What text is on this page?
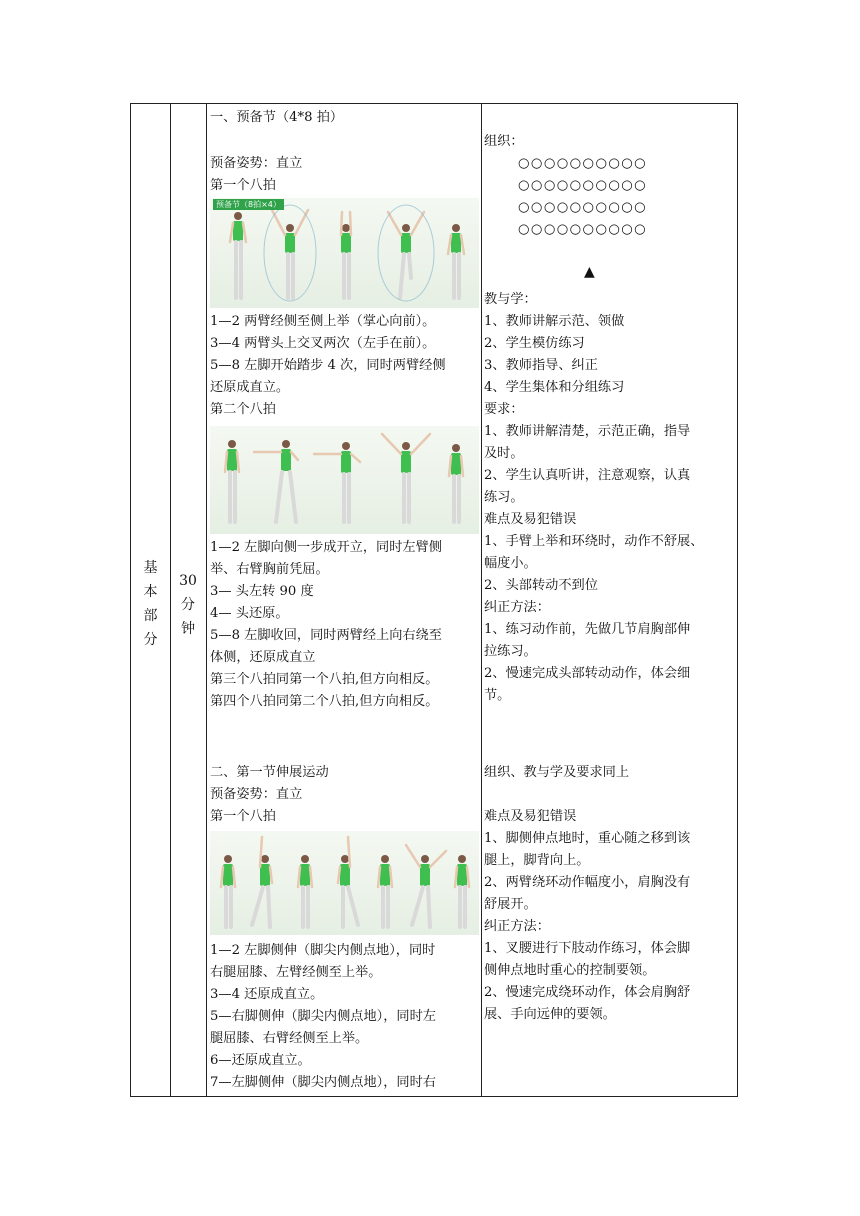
基
本
部
分
30
分
钟
一、预备节（4*8 拍）
预备姿势：直立
第一个八拍
预备节（8拍×4）
1—2 两臂经侧至侧上举（掌心向前）。
3—4 两臂头上交叉两次（左手在前）。
5—8 左脚开始踏步 4 次，同时两臂经侧
还原成直立。
第二个八拍
1—2 左脚向侧一步成开立，同时左臂侧
举、右臂胸前凭屈。
3— 头左转 90 度
4— 头还原。
5—8 左脚收回，同时两臂经上向右绕至
体侧，还原成直立
第三个八拍同第一个八拍,但方向相反。
第四个八拍同第二个八拍,但方向相反。
二、第一节伸展运动
预备姿势：直立
第一个八拍
1—2 左脚侧伸（脚尖内侧点地），同时
右腿屈膝、左臂经侧至上举。
3—4 还原成直立。
5—右脚侧伸（脚尖内侧点地），同时左
腿屈膝、右臂经侧至上举。
6—还原成直立。
7—左脚侧伸（脚尖内侧点地），同时右
组织：
○○○○○○○○○○
○○○○○○○○○○
○○○○○○○○○○
○○○○○○○○○○
▲
教与学：
1、教师讲解示范、领做
2、学生模仿练习
3、教师指导、纠正
4、学生集体和分组练习
要求：
1、教师讲解清楚，示范正确，指导
及时。
2、学生认真听讲，注意观察，认真
练习。
难点及易犯错误
1、手臂上举和环绕时，动作不舒展、
幅度小。
2、头部转动不到位
纠正方法：
1、练习动作前，先做几节肩胸部伸
拉练习。
2、慢速完成头部转动动作，体会细
节。
组织、教与学及要求同上
难点及易犯错误
1、脚侧伸点地时，重心随之移到该
腿上，脚背向上。
2、两臂绕环动作幅度小，肩胸没有
舒展开。
纠正方法：
1、叉腰进行下肢动作练习，体会脚
侧伸点地时重心的控制要领。
2、慢速完成绕环动作，体会肩胸舒
展、手向远伸的要领。
